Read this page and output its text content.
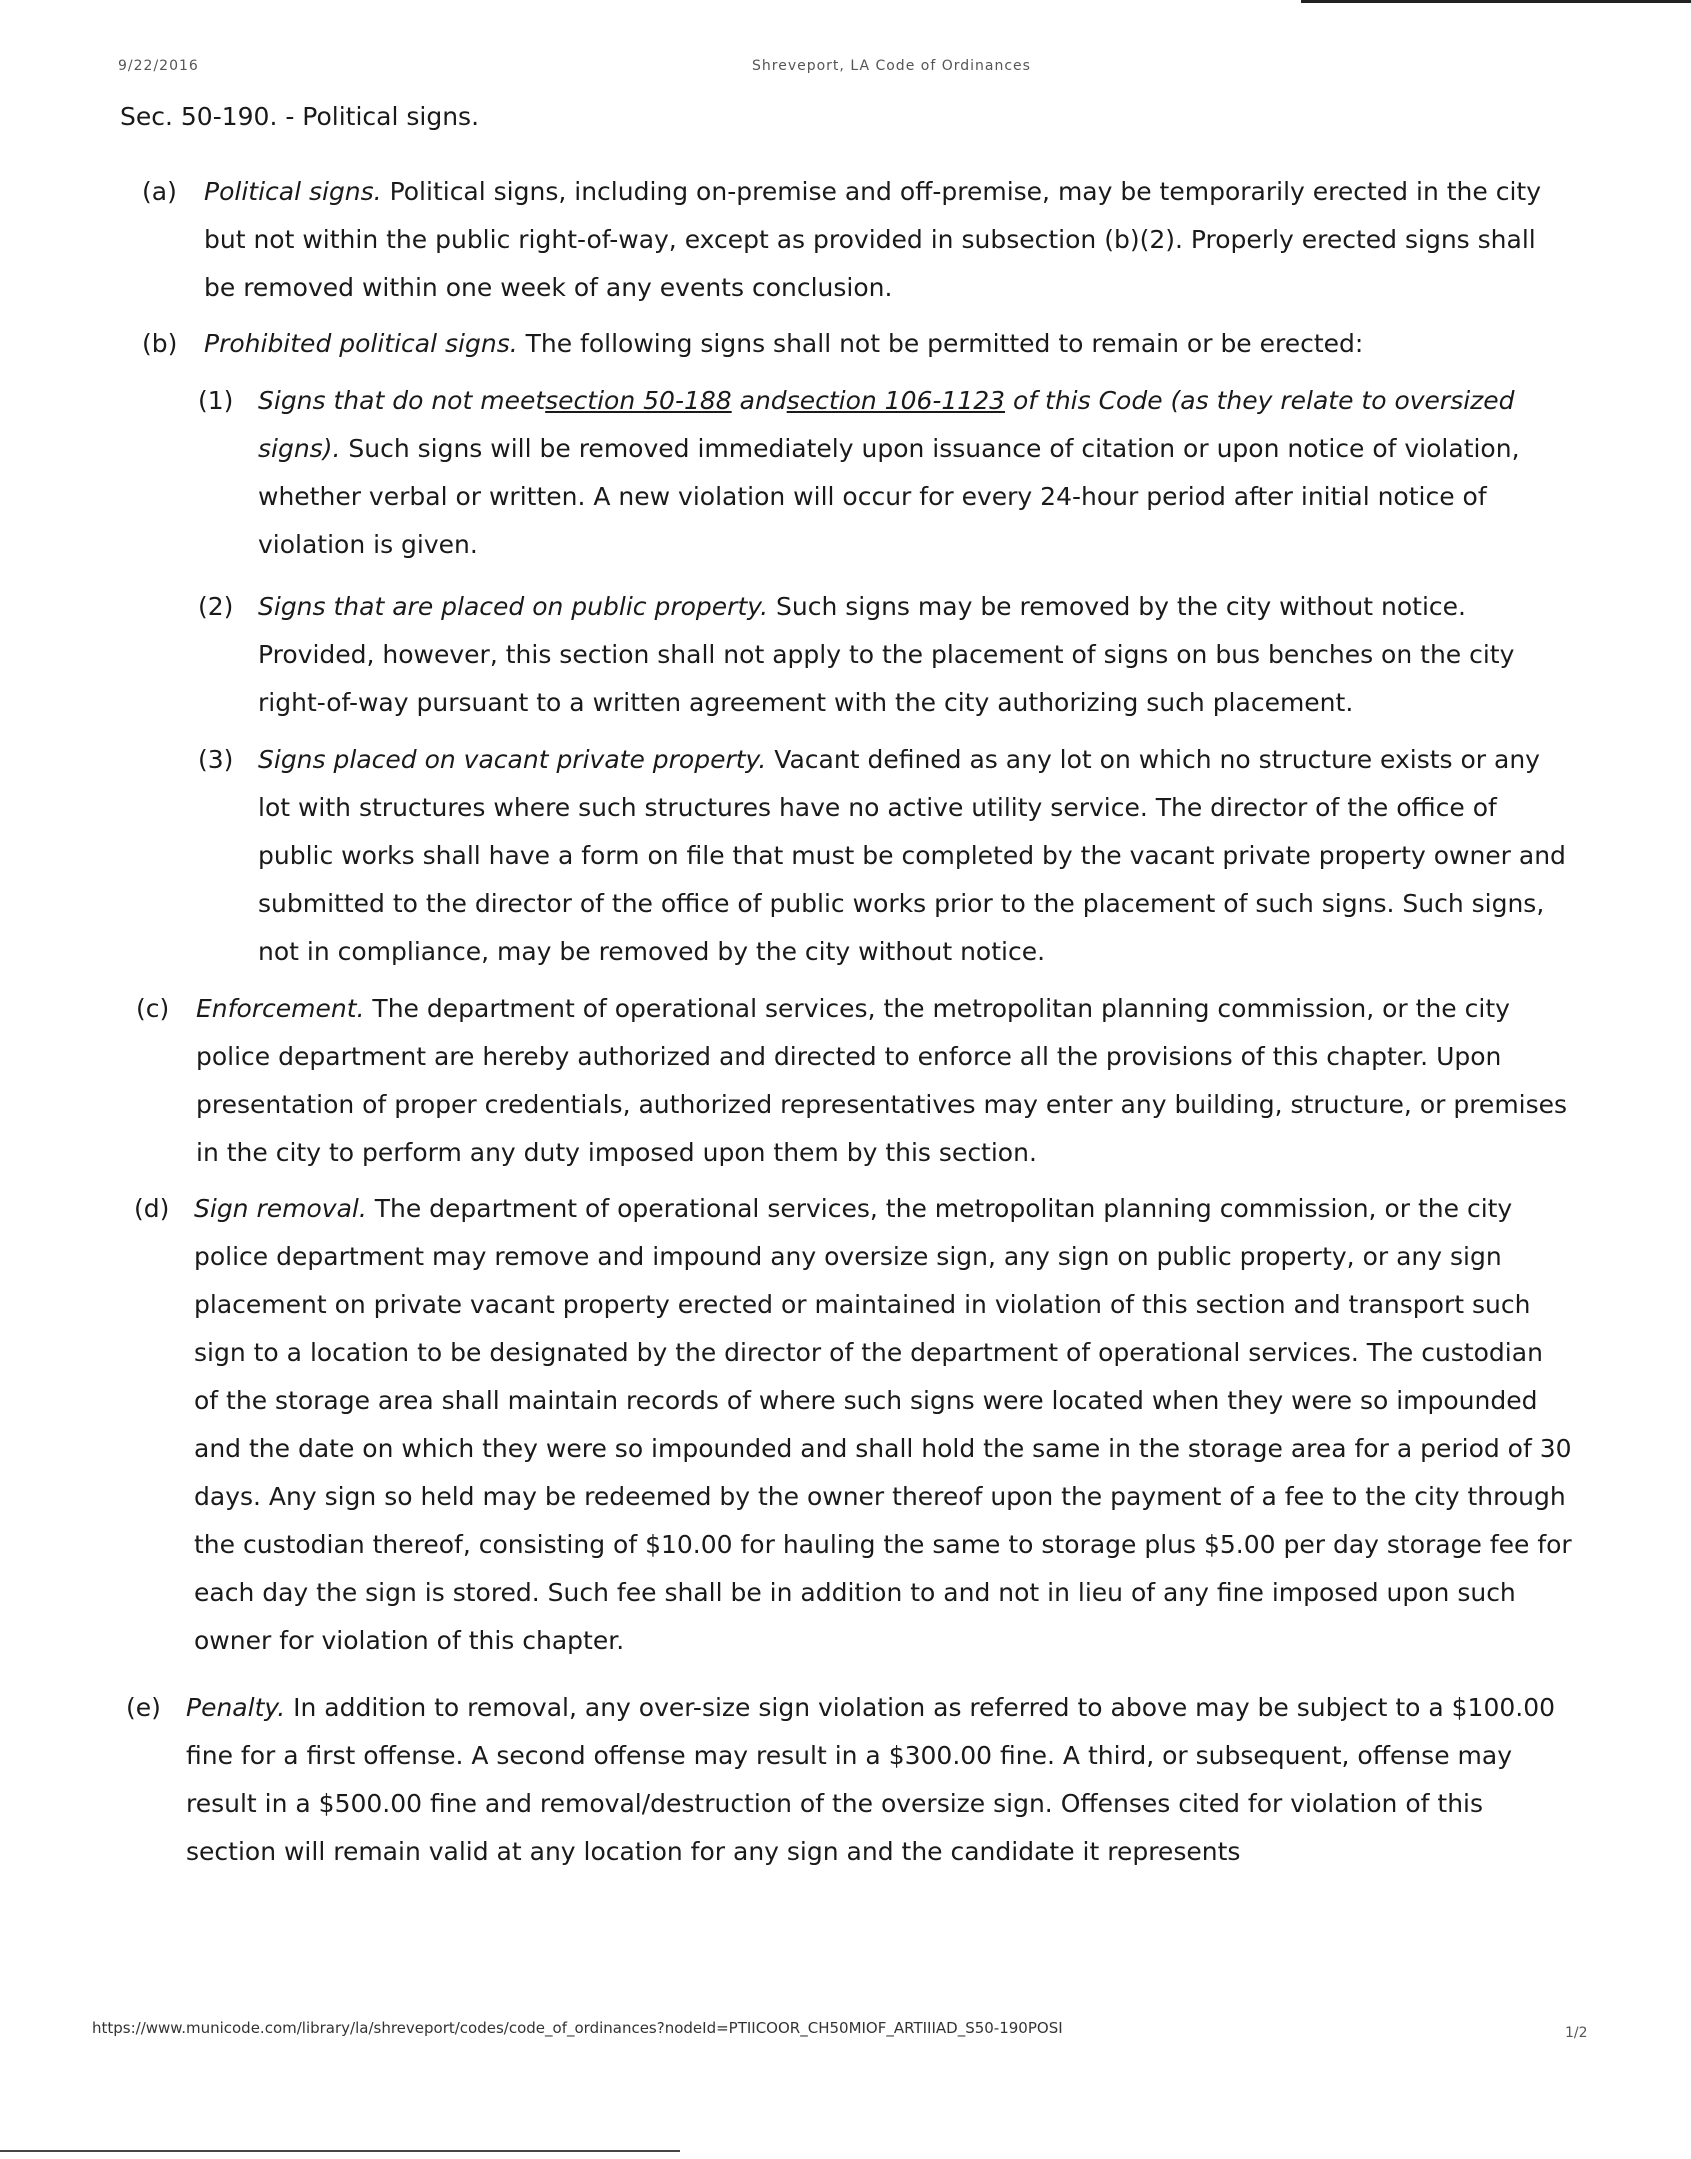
9/22/2016	Shreveport, LA Code of Ordinances
Sec. 50-190. - Political signs.
(a) Political signs. Political signs, including on-premise and off-premise, may be temporarily erected in the city but not within the public right-of-way, except as provided in subsection (b)(2). Properly erected signs shall be removed within one week of any events conclusion.

(b) Prohibited political signs. The following signs shall not be permitted to remain or be erected:

(1) Signs that do not meetsection 50-188 andsection 106-1123 of this Code (as they relate to oversized signs). Such signs will be removed immediately upon issuance of citation or upon notice of violation, whether verbal or written. A new violation will occur for every 24-hour period after initial notice of violation is given.

(2) Signs that are placed on public property. Such signs may be removed by the city without notice. Provided, however, this section shall not apply to the placement of signs on bus benches on the city right-of-way pursuant to a written agreement with the city authorizing such placement.

(3) Signs placed on vacant private property. Vacant defined as any lot on which no structure exists or any lot with structures where such structures have no active utility service. The director of the office of public works shall have a form on file that must be completed by the vacant private property owner and submitted to the director of the office of public works prior to the placement of such signs. Such signs, not in compliance, may be removed by the city without notice.

(c) Enforcement. The department of operational services, the metropolitan planning commission, or the city police department are hereby authorized and directed to enforce all the provisions of this chapter. Upon presentation of proper credentials, authorized representatives may enter any building, structure, or premises in the city to perform any duty imposed upon them by this section.

(d) Sign removal. The department of operational services, the metropolitan planning commission, or the city police department may remove and impound any oversize sign, any sign on public property, or any sign placement on private vacant property erected or maintained in violation of this section and transport such sign to a location to be designated by the director of the department of operational services. The custodian of the storage area shall maintain records of where such signs were located when they were so impounded and the date on which they were so impounded and shall hold the same in the storage area for a period of 30 days. Any sign so held may be redeemed by the owner thereof upon the payment of a fee to the city through the custodian thereof, consisting of $10.00 for hauling the same to storage plus $5.00 per day storage fee for each day the sign is stored. Such fee shall be in addition to and not in lieu of any fine imposed upon such owner for violation of this chapter.

(e) Penalty. In addition to removal, any over-size sign violation as referred to above may be subject to a $100.00 fine for a first offense. A second offense may result in a $300.00 fine. A third, or subsequent, offense may result in a $500.00 fine and removal/destruction of the oversize sign. Offenses cited for violation of this section will remain valid at any location for any sign and the candidate it represents

https://www.municode.com/library/la/shreveport/codes/code_of_ordinances?nodeId=PTIICOOR_CH50MIOF_ARTIIIAD_S50-190POSI	1/2
